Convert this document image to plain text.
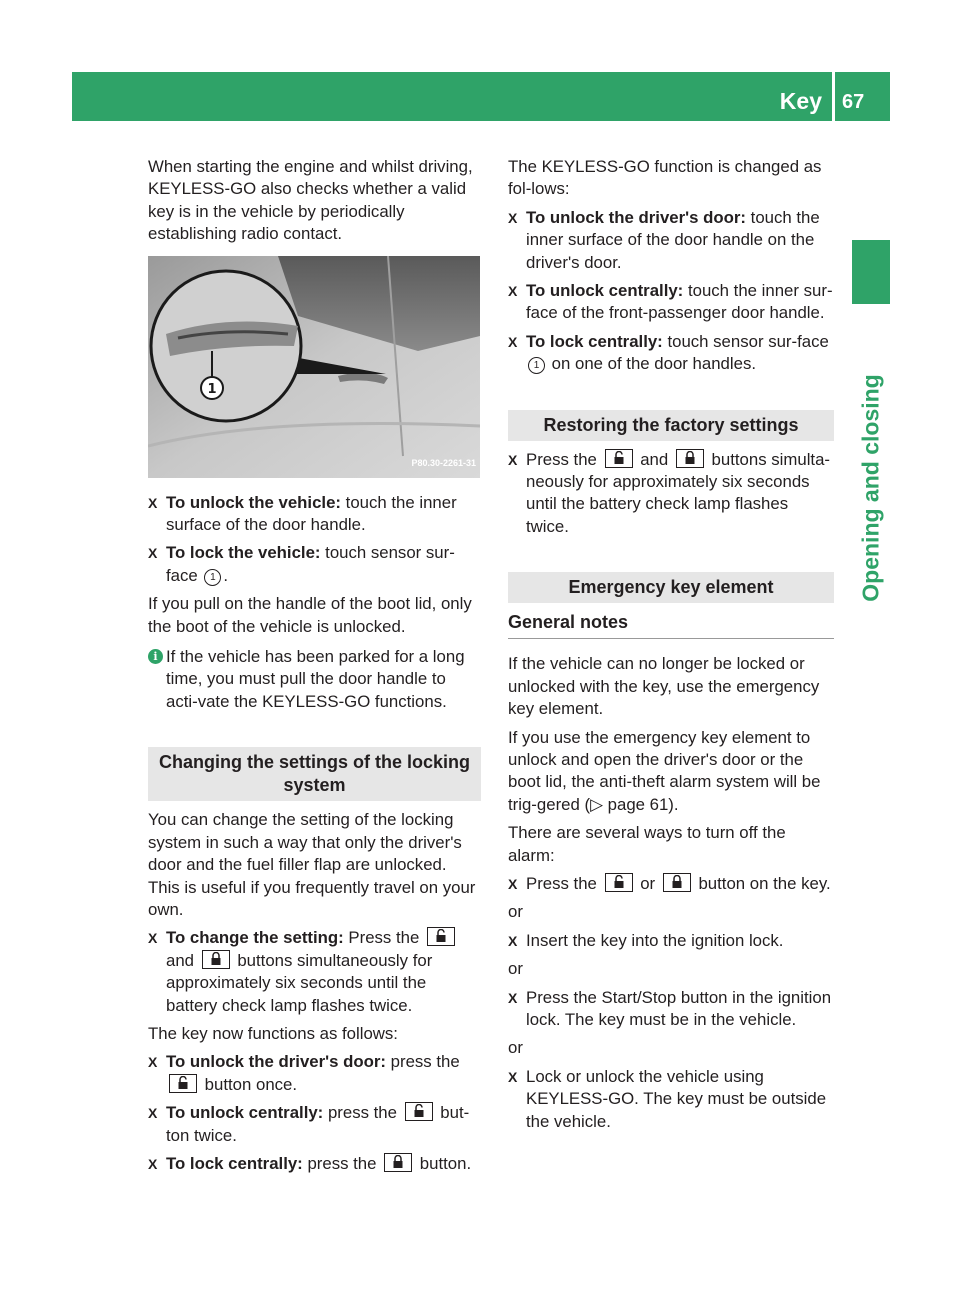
Key 67
Opening and closing

When starting the engine and whilst driving, KEYLESS-GO also checks whether a valid key is in the vehicle by periodically establishing radio contact.

1
P80.30-2261-31
X To unlock the vehicle: touch the inner surface of the door handle.
X To lock the vehicle: touch sensor sur-face 1 .

If you pull on the handle of the boot lid, only the boot of the vehicle is unlocked.

i If the vehicle has been parked for a long time, you must pull the door handle to acti-vate the KEYLESS-GO functions.
Changing the settings of the locking system

You can change the setting of the locking system in such a way that only the driver's door and the fuel filler flap are unlocked. This is useful if you frequently travel on your own.

X To change the setting: Press the
and
buttons simultaneously for approximately six seconds until the battery check lamp flashes twice.

The key now functions as follows:

X To unlock the driver's door: press the
button once.
X To unlock centrally: press the
but-ton twice.
X To lock centrally: press the
button.

The KEYLESS-GO function is changed as fol-lows:

X To unlock the driver's door: touch the inner surface of the door handle on the driver's door.
X To unlock centrally: touch the inner sur-face of the front-passenger door handle.
X To lock centrally: touch sensor sur-face 1 on one of the door handles.
Restoring the factory settings
X Press the
and
buttons simulta-neously for approximately six seconds until the battery check lamp flashes twice.
Emergency key element
General notes

If the vehicle can no longer be locked or unlocked with the key, use the emergency key element.

If you use the emergency key element to unlock and open the driver's door or the boot lid, the anti-theft alarm system will be trig-gered (▷ page 61).

There are several ways to turn off the alarm:

X Press the
or
button on the key.

or

X Insert the key into the ignition lock.

or

X Press the Start/Stop button in the ignition lock. The key must be in the vehicle.

or

X Lock or unlock the vehicle using KEYLESS-GO. The key must be outside the vehicle.
